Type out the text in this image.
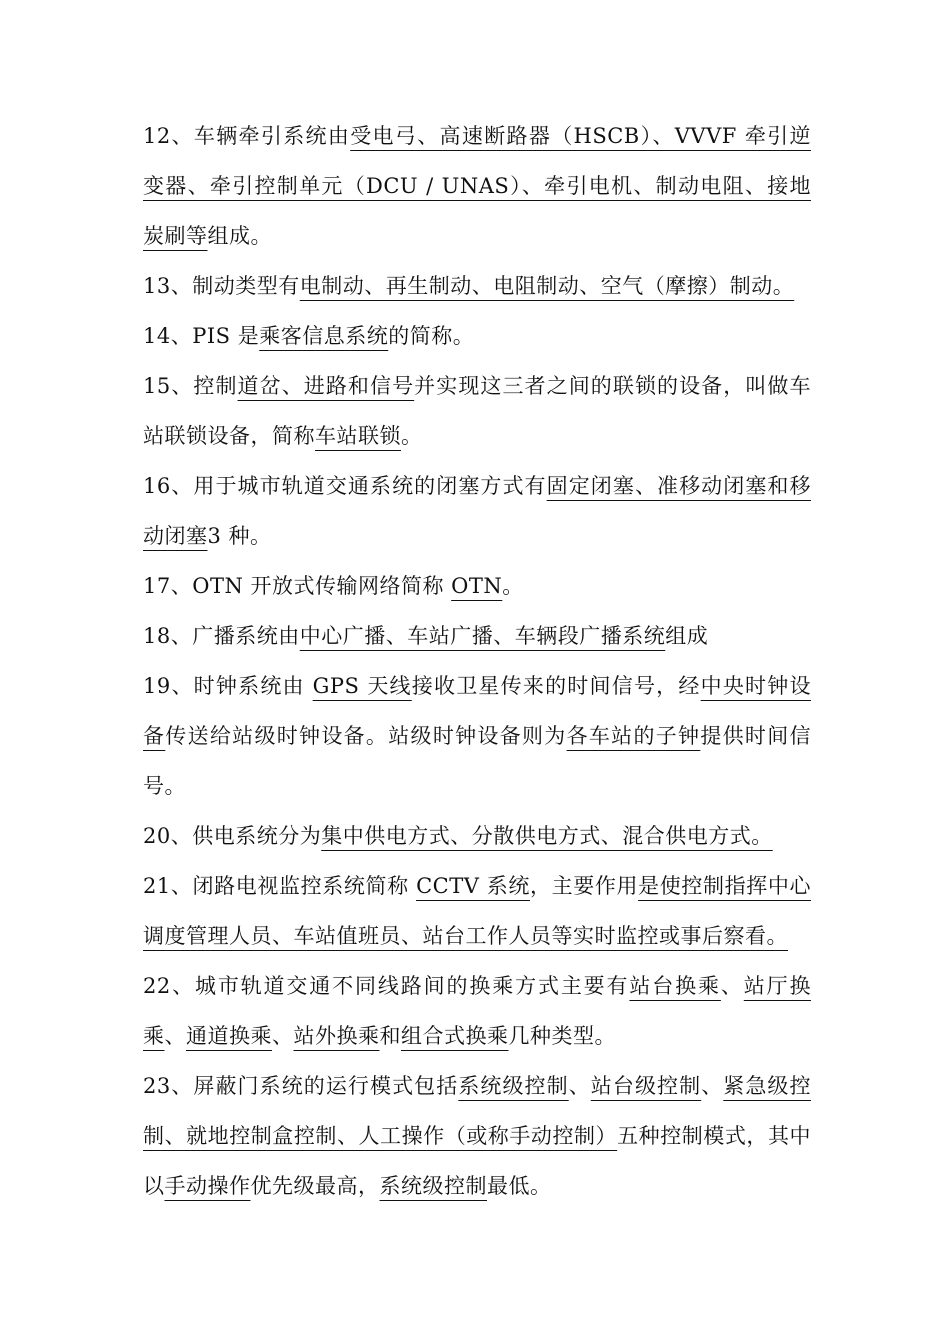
12、车辆牵引系统由受电弓、高速断路器（HSCB）、VVVF 牵引逆变器、牵引控制单元（DCU / UNAS）、牵引电机、制动电阻、接地炭刷等组成。

13、制动类型有电制动、再生制动、电阻制动、空气（摩擦）制动。

14、PIS 是乘客信息系统的简称。

15、控制道岔、进路和信号并实现这三者之间的联锁的设备，叫做车站联锁设备，简称车站联锁。

16、用于城市轨道交通系统的闭塞方式有固定闭塞、准移动闭塞和移动闭塞3 种。

17、OTN 开放式传输网络简称 OTN。

18、广播系统由中心广播、车站广播、车辆段广播系统组成

19、时钟系统由 GPS 天线接收卫星传来的时间信号，经中央时钟设备传送给站级时钟设备。站级时钟设备则为各车站的子钟提供时间信号。

20、供电系统分为集中供电方式、分散供电方式、混合供电方式。

21、闭路电视监控系统简称 CCTV 系统，主要作用是使控制指挥中心调度管理人员、车站值班员、站台工作人员等实时监控或事后察看。

22、城市轨道交通不同线路间的换乘方式主要有站台换乘、站厅换乘、通道换乘、站外换乘和组合式换乘几种类型。

23、屏蔽门系统的运行模式包括系统级控制、站台级控制、紧急级控制、就地控制盒控制、人工操作（或称手动控制）五种控制模式，其中以手动操作优先级最高，系统级控制最低。
